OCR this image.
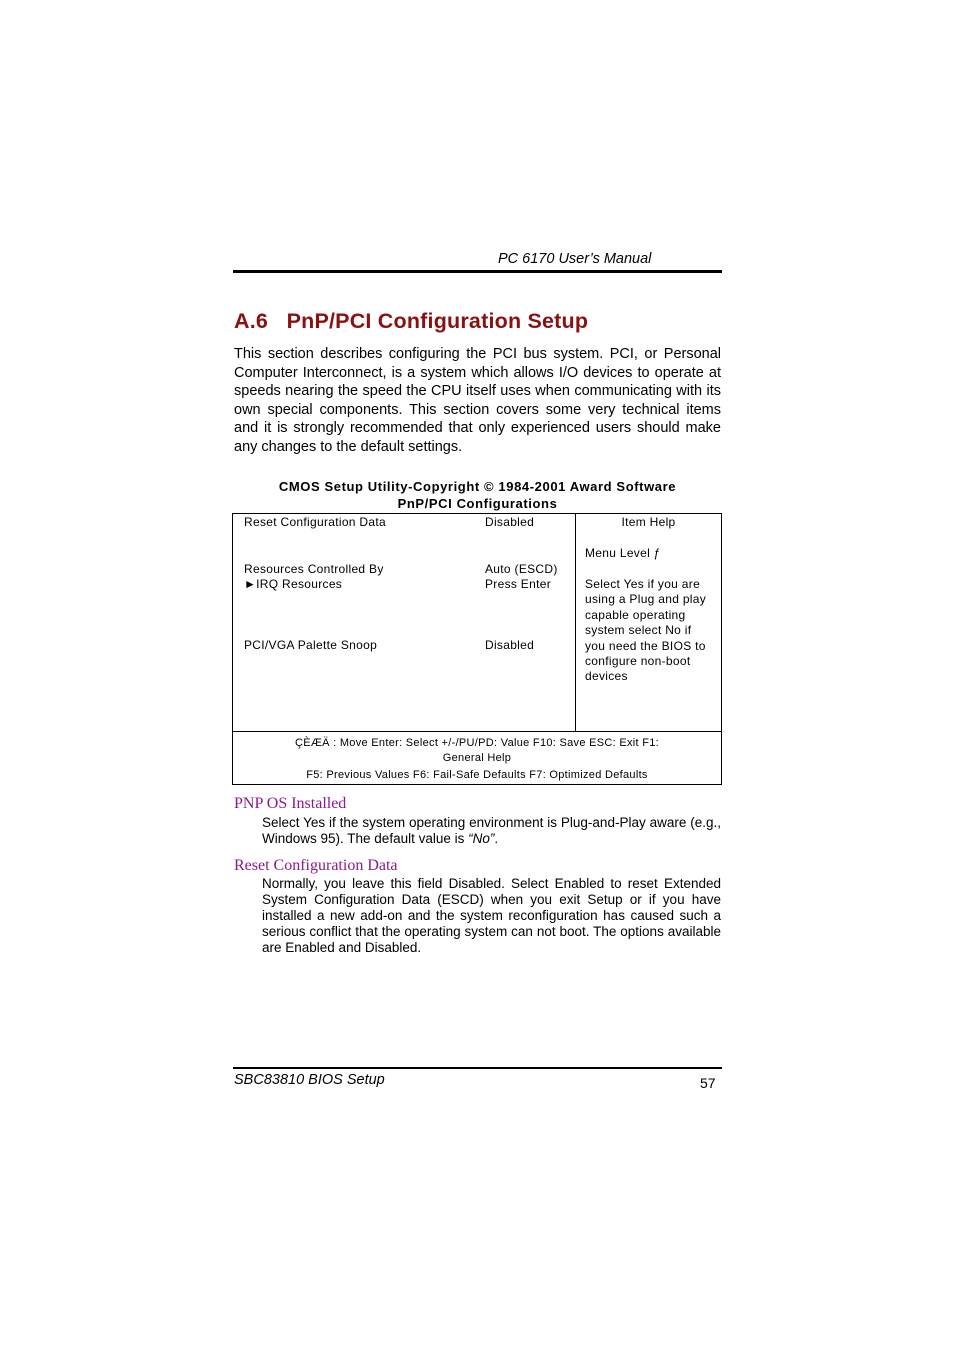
PC 6170 User’s Manual
A.6   PnP/PCI Configuration Setup
This section describes configuring the PCI bus system. PCI, or Personal Computer Interconnect, is a system which allows I/O devices to operate at speeds nearing the speed the CPU itself uses when communicating with its own special components. This section covers some very technical items and it is strongly recommended that only experienced users should make any changes to the default settings.
CMOS Setup Utility-Copyright © 1984-2001 Award Software
PnP/PCI Configurations
Reset Configuration Data	Disabled
Resources Controlled By	Auto (ESCD)
►IRQ Resources	Press Enter
PCI/VGA Palette Snoop	Disabled
Item Help
Menu Level ƒ
Select Yes if you are using a Plug and play capable operating system select No if you need the BIOS to configure non-boot devices
ÇÈÆÄ : Move Enter: Select +/-/PU/PD: Value F10: Save ESC: Exit F1:
General Help
F5: Previous Values F6: Fail-Safe Defaults F7: Optimized Defaults
PNP OS Installed
Select Yes if the system operating environment is Plug-and-Play aware (e.g., Windows 95). The default value is “No”.
Reset Configuration Data
Normally, you leave this field Disabled. Select Enabled to reset Extended System Configuration Data (ESCD) when you exit Setup or if you have installed a new add-on and the system reconfiguration has caused such a serious conflict that the operating system can not boot. The options available are Enabled and Disabled.
SBC83810 BIOS Setup	57
